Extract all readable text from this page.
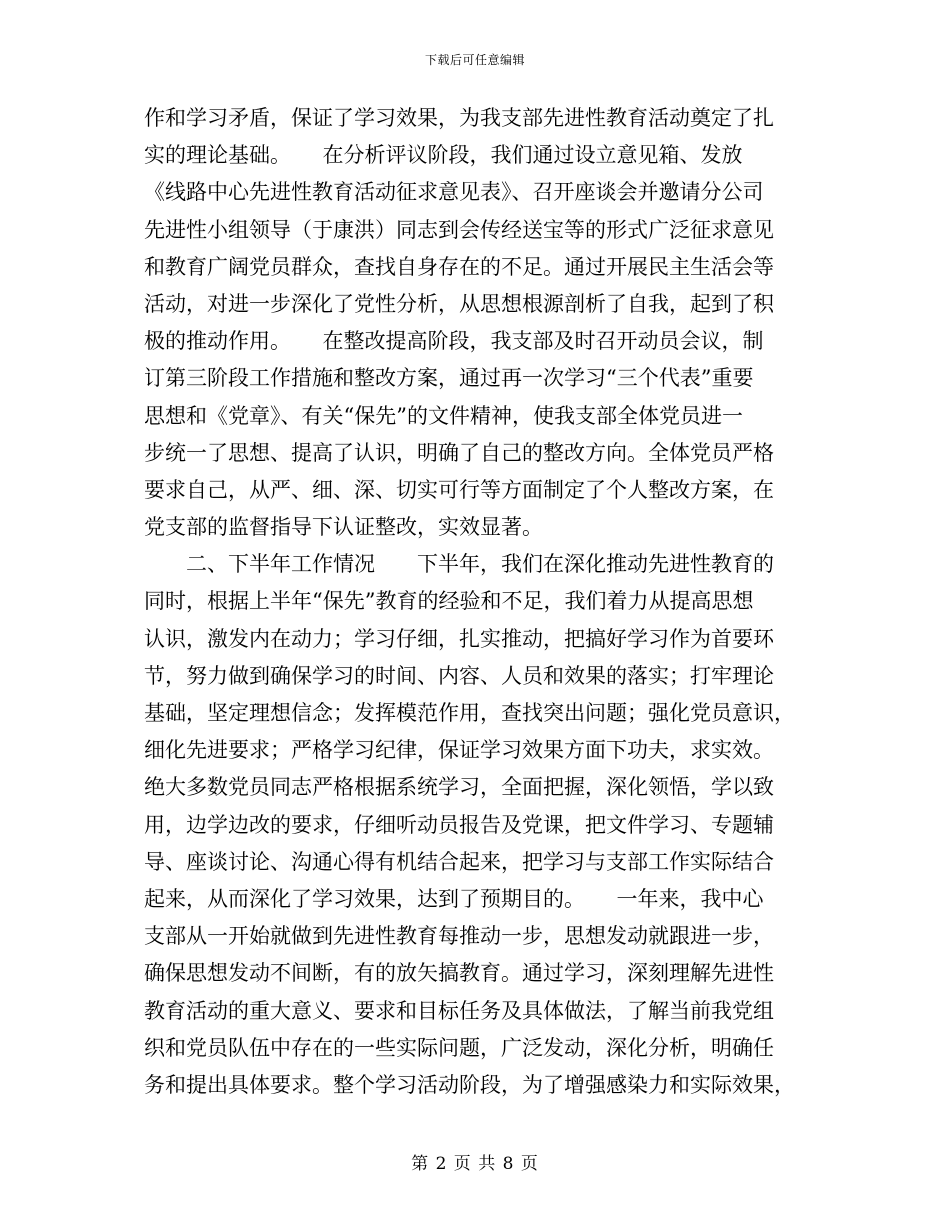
下载后可任意编辑
作和学习矛盾，保证了学习效果，为我支部先进性教育活动奠定了扎
实的理论基础。　　在分析评议阶段，我们通过设立意见箱、发放
《线路中心先进性教育活动征求意见表》、召开座谈会并邀请分公司
先进性小组领导（于康洪）同志到会传经送宝等的形式广泛征求意见
和教育广阔党员群众，查找自身存在的不足。通过开展民主生活会等
活动，对进一步深化了党性分析，从思想根源剖析了自我，起到了积
极的推动作用。　　在整改提高阶段，我支部及时召开动员会议，制
订第三阶段工作措施和整改方案，通过再一次学习“三个代表”重要
思想和《党章》、有关“保先”的文件精神，使我支部全体党员进一
步统一了思想、提高了认识，明确了自己的整改方向。全体党员严格
要求自己，从严、细、深、切实可行等方面制定了个人整改方案，在
党支部的监督指导下认证整改，实效显著。
　　二、下半年工作情况　　下半年，我们在深化推动先进性教育的
同时，根据上半年“保先”教育的经验和不足，我们着力从提高思想
认识，激发内在动力；学习仔细，扎实推动，把搞好学习作为首要环
节，努力做到确保学习的时间、内容、人员和效果的落实；打牢理论
基础，坚定理想信念；发挥模范作用，查找突出问题；强化党员意识，
细化先进要求；严格学习纪律，保证学习效果方面下功夫，求实效。
绝大多数党员同志严格根据系统学习，全面把握，深化领悟，学以致
用，边学边改的要求，仔细听动员报告及党课，把文件学习、专题辅
导、座谈讨论、沟通心得有机结合起来，把学习与支部工作实际结合
起来，从而深化了学习效果，达到了预期目的。　　一年来，我中心
支部从一开始就做到先进性教育每推动一步，思想发动就跟进一步，
确保思想发动不间断，有的放矢搞教育。通过学习，深刻理解先进性
教育活动的重大意义、要求和目标任务及具体做法，了解当前我党组
织和党员队伍中存在的一些实际问题，广泛发动，深化分析，明确任
务和提出具体要求。整个学习活动阶段，为了增强感染力和实际效果，
第 2 页 共 8 页
